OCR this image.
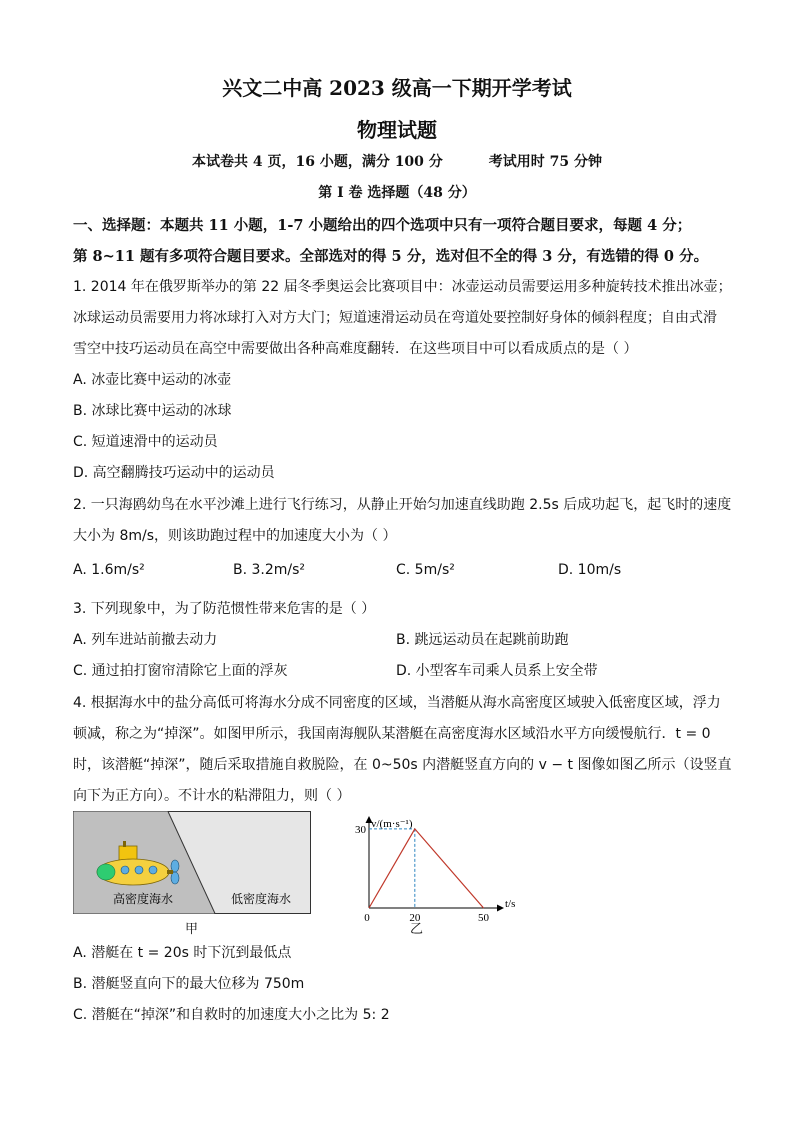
兴文二中高 2023 级高一下期开学考试
物理试题
本试卷共 4 页，16 小题，满分 100 分	考试用时 75 分钟
第 I 卷 选择题（48 分）
一、选择题：本题共 11 小题，1-7 小题给出的四个选项中只有一项符合题目要求，每题 4 分；
第 8~11 题有多项符合题目要求。全部选对的得 5 分，选对但不全的得 3 分，有选错的得 0 分。
1. 2014 年在俄罗斯举办的第 22 届冬季奥运会比赛项目中：冰壶运动员需要运用多种旋转技术推出冰壶；
冰球运动员需要用力将冰球打入对方大门；短道速滑运动员在弯道处要控制好身体的倾斜程度；自由式滑
雪空中技巧运动员在高空中需要做出各种高难度翻转．在这些项目中可以看成质点的是（ ）
A. 冰壶比赛中运动的冰壶
B. 冰球比赛中运动的冰球
C. 短道速滑中的运动员
D. 高空翻腾技巧运动中的运动员
2. 一只海鸥幼鸟在水平沙滩上进行飞行练习，从静止开始匀加速直线助跑 2.5s 后成功起飞，起飞时的速度
大小为 8m/s，则该助跑过程中的加速度大小为（ ）
A. 1.6m/s²	B. 3.2m/s²	C. 5m/s²	D. 10m/s
3. 下列现象中，为了防范惯性带来危害的是（ ）
A. 列车进站前撤去动力	B. 跳远运动员在起跳前助跑
C. 通过拍打窗帘清除它上面的浮灰	D. 小型客车司乘人员系上安全带
4. 根据海水中的盐分高低可将海水分成不同密度的区域，当潜艇从海水高密度区域驶入低密度区域，浮力
顿减，称之为“掉深”。如图甲所示，我国南海舰队某潜艇在高密度海水区域沿水平方向缓慢航行．t = 0
时，该潜艇“掉深”，随后采取措施自救脱险，在 0~50s 内潜艇竖直方向的 v − t 图像如图乙所示（设竖直
向下为正方向）。不计水的粘滞阻力，则（ ）
高密度海水	低密度海水
甲
v/(m·s⁻¹)
t/s
30
0	20	50
乙
A. 潜艇在 t = 20s 时下沉到最低点
B. 潜艇竖直向下的最大位移为 750m
C. 潜艇在“掉深”和自救时的加速度大小之比为 5: 2
